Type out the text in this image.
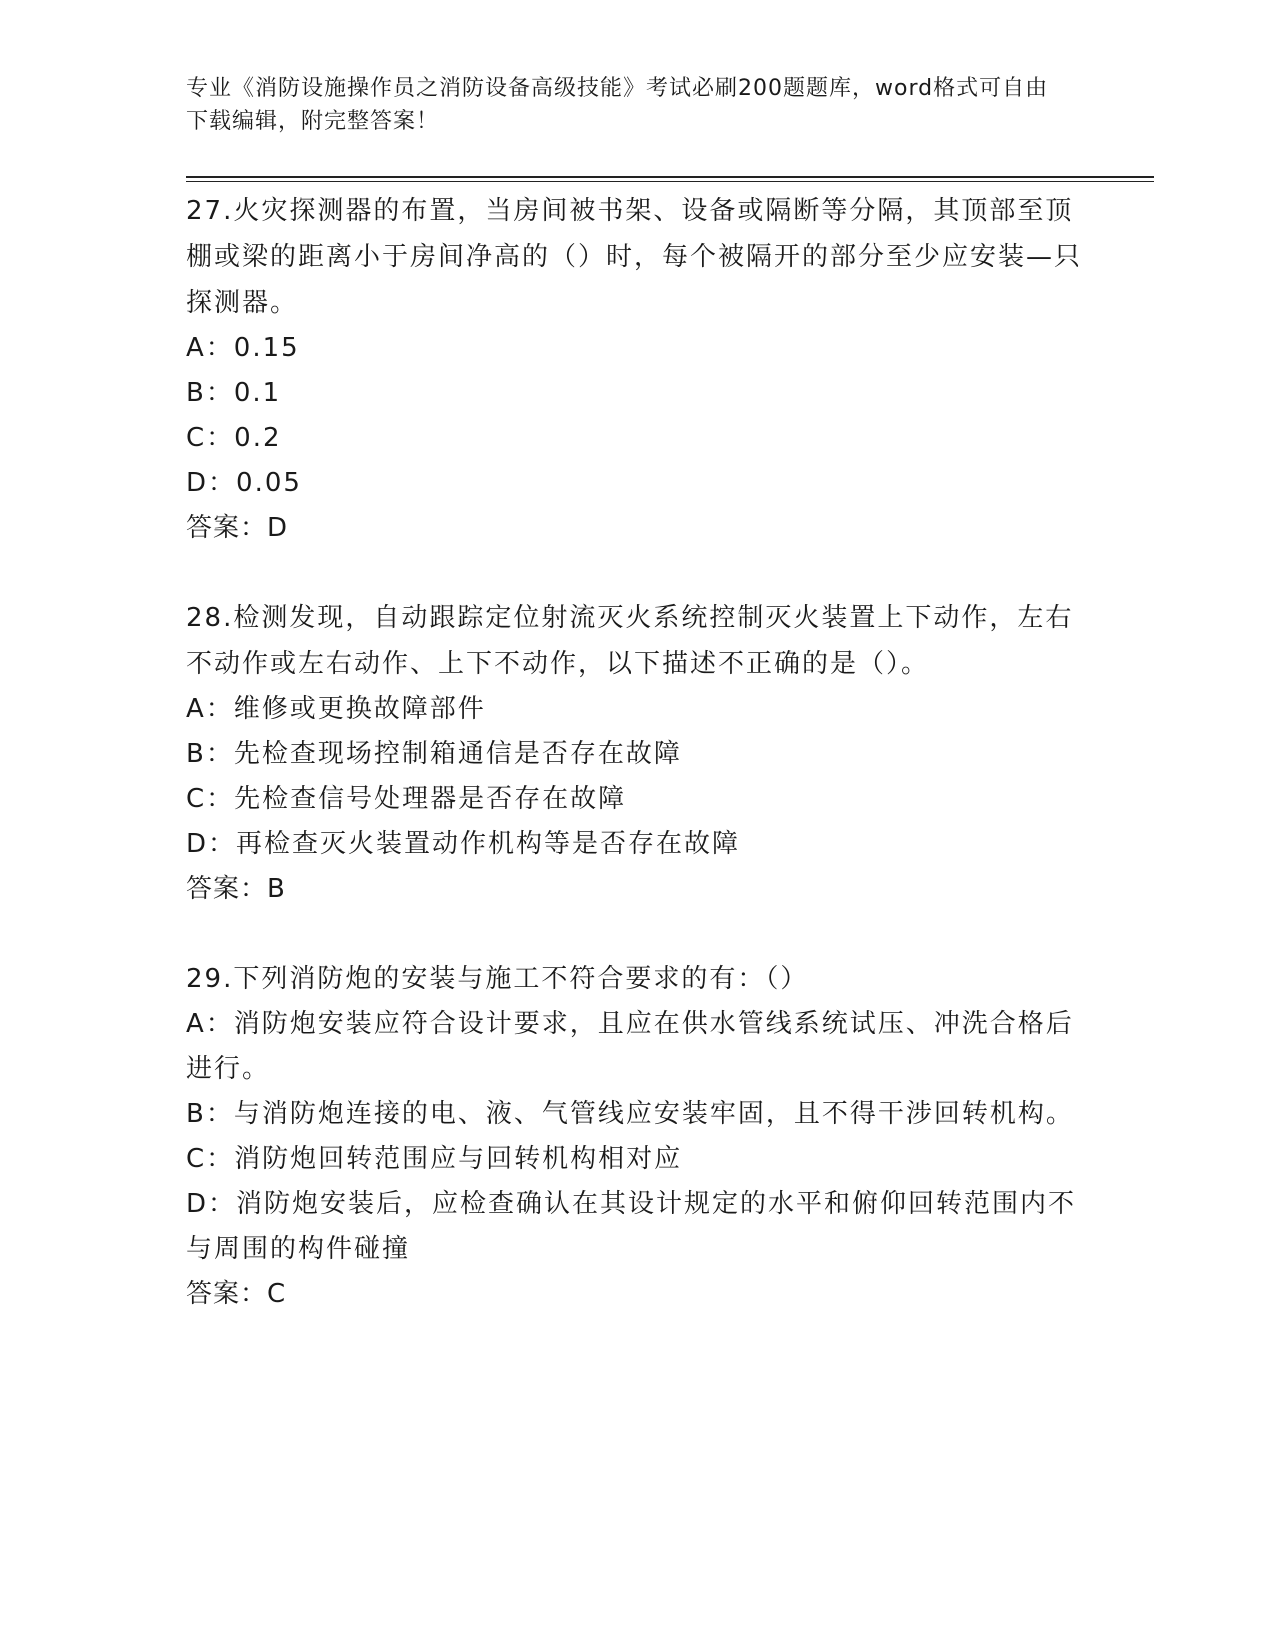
专业《消防设施操作员之消防设备高级技能》考试必刷200题题库，word格式可自由下载编辑，附完整答案！

27.火灾探测器的布置，当房间被书架、设备或隔断等分隔，其顶部至顶棚或梁的距离小于房间净高的（）时，每个被隔开的部分至少应安装—只探测器。

A：0.15

B：0.1

C：0.2

D：0.05

答案：D

28.检测发现，自动跟踪定位射流灭火系统控制灭火装置上下动作，左右不动作或左右动作、上下不动作，以下描述不正确的是（）。

A：维修或更换故障部件

B：先检查现场控制箱通信是否存在故障

C：先检查信号处理器是否存在故障

D：再检查灭火装置动作机构等是否存在故障

答案：B

29.下列消防炮的安装与施工不符合要求的有：（）

A：消防炮安装应符合设计要求，且应在供水管线系统试压、冲洗合格后进行。

B：与消防炮连接的电、液、气管线应安装牢固，且不得干涉回转机构。

C：消防炮回转范围应与回转机构相对应

D：消防炮安装后，应检查确认在其设计规定的水平和俯仰回转范围内不与周围的构件碰撞

答案：C
